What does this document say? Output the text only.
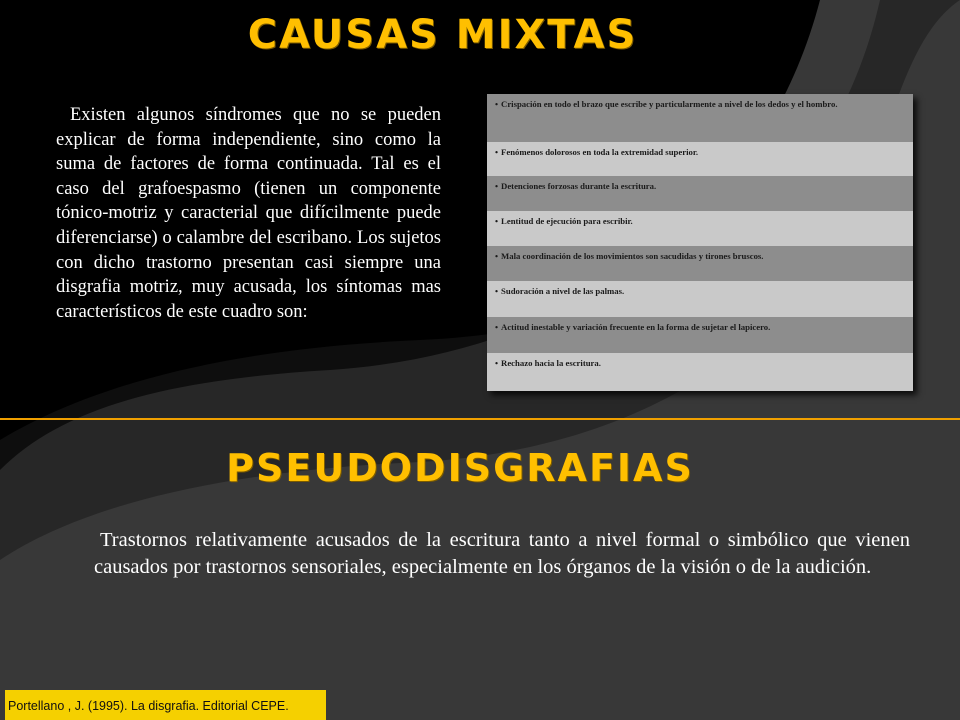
CAUSAS MIXTAS

Existen algunos síndromes que no se pueden explicar de forma independiente, sino como la suma de factores de forma continuada. Tal es el caso del grafoespasmo (tienen un componente tónico-motriz y caracterial que difícilmente puede diferenciarse) o calambre del escribano. Los sujetos con dicho trastorno presentan casi siempre una disgrafia motriz, muy acusada, los síntomas mas característicos de este cuadro son:

• Crispación en todo el brazo que escribe y particularmente a nivel de los dedos y el hombro.
• Fenómenos dolorosos en toda la extremidad superior.
• Detenciones forzosas durante la escritura.
• Lentitud de ejecución para escribir.
• Mala coordinación de los movimientos son sacudidas y tirones bruscos.
• Sudoración a nivel de las palmas.
• Actitud inestable y variación frecuente en la forma de sujetar el lapicero.
• Rechazo hacia la escritura.
PSEUDODISGRAFIAS

Trastornos relativamente acusados de la escritura tanto a nivel formal o simbólico que vienen causados por trastornos sensoriales, especialmente en los órganos de la visión o de la audición.

Portellano , J. (1995). La disgrafia. Editorial CEPE.
